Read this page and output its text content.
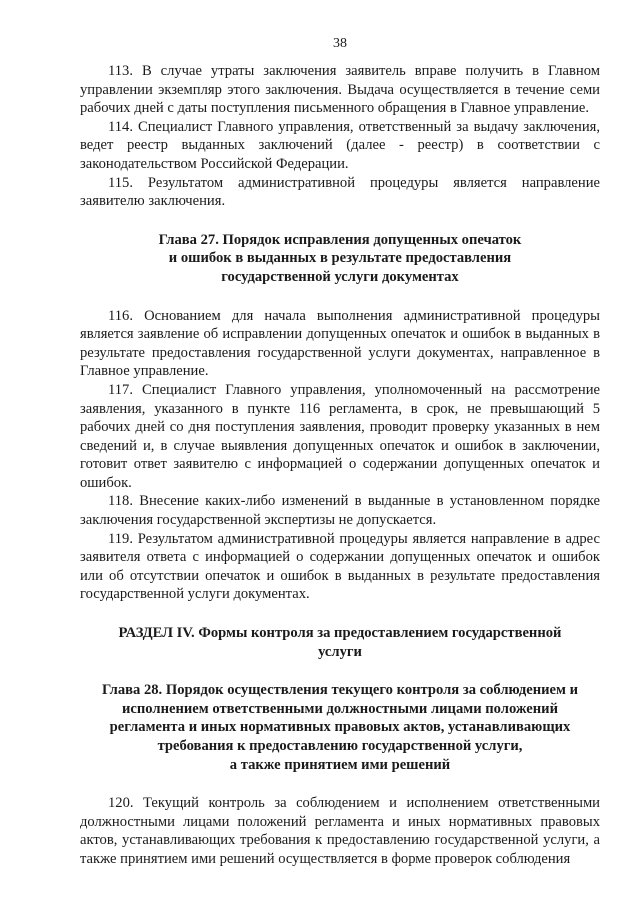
38

113. В случае утраты заключения заявитель вправе получить в Главном управлении экземпляр этого заключения. Выдача осуществляется в течение семи рабочих дней с даты поступления письменного обращения в Главное управление.

114. Специалист Главного управления, ответственный за выдачу заключения, ведет реестр выданных заключений (далее - реестр) в соответствии с законодательством Российской Федерации.

115. Результатом административной процедуры является направление заявителю заключения.

Глава 27. Порядок исправления допущенных опечаток
и ошибок в выданных в результате предоставления
государственной услуги документах

116. Основанием для начала выполнения административной процедуры является заявление об исправлении допущенных опечаток и ошибок в выданных в результате предоставления государственной услуги документах, направленное в Главное управление.

117. Специалист Главного управления, уполномоченный на рассмотрение заявления, указанного в пункте 116 регламента, в срок, не превышающий 5 рабочих дней со дня поступления заявления, проводит проверку указанных в нем сведений и, в случае выявления допущенных опечаток и ошибок в заключении, готовит ответ заявителю с информацией о содержании допущенных опечаток и ошибок.

118. Внесение каких-либо изменений в выданные в установленном порядке заключения государственной экспертизы не допускается.

119. Результатом административной процедуры является направление в адрес заявителя ответа с информацией о содержании допущенных опечаток и ошибок или об отсутствии опечаток и ошибок в выданных в результате предоставления государственной услуги документах.

РАЗДЕЛ IV. Формы контроля за предоставлением государственной
услуги
Глава 28. Порядок осуществления текущего контроля за соблюдением и
исполнением ответственными должностными лицами положений
регламента и иных нормативных правовых актов, устанавливающих
требования к предоставлению государственной услуги,
а также принятием ими решений

120. Текущий контроль за соблюдением и исполнением ответственными должностными лицами положений регламента и иных нормативных правовых актов, устанавливающих требования к предоставлению государственной услуги, а также принятием ими решений осуществляется в форме проверок соблюдения
